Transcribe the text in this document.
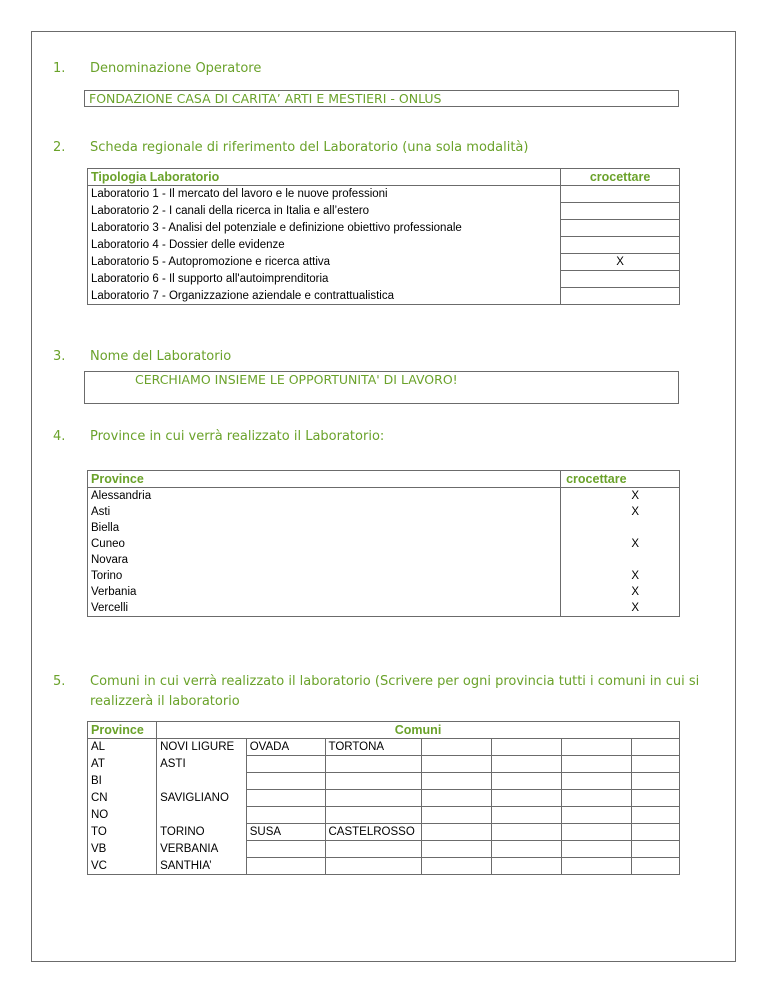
1. Denominazione Operatore
FONDAZIONE CASA DI CARITA’ ARTI E MESTIERI - ONLUS
2. Scheda regionale di riferimento del Laboratorio (una sola modalità)
Tipologia Laboratorio	crocettare
Laboratorio 1 - Il mercato del lavoro e le nuove professioni	
Laboratorio 2 - I canali della ricerca in Italia e all’estero	
Laboratorio 3 - Analisi del potenziale e definizione obiettivo professionale	
Laboratorio 4 - Dossier delle evidenze	
Laboratorio 5 - Autopromozione e ricerca attiva	X
Laboratorio 6 - Il supporto all'autoimprenditoria	
Laboratorio 7 - Organizzazione aziendale e contrattualistica	
3. Nome del Laboratorio
CERCHIAMO INSIEME LE OPPORTUNITA' DI LAVORO!
4. Province in cui verrà realizzato il Laboratorio:
Province	crocettare
Alessandria	X
Asti	X
Biella	
Cuneo	X
Novara	
Torino	X
Verbania	X
Vercelli	X
5. Comuni in cui verrà realizzato il laboratorio (Scrivere per ogni provincia tutti i comuni in cui si
realizzerà il laboratorio
Province	Comuni						
AL	NOVI LIGURE	OVADA	TORTONA				
AT	ASTI						
BI							
CN	SAVIGLIANO						
NO							
TO	TORINO	SUSA	CASTELROSSO				
VB	VERBANIA						
VC	SANTHIA’						
